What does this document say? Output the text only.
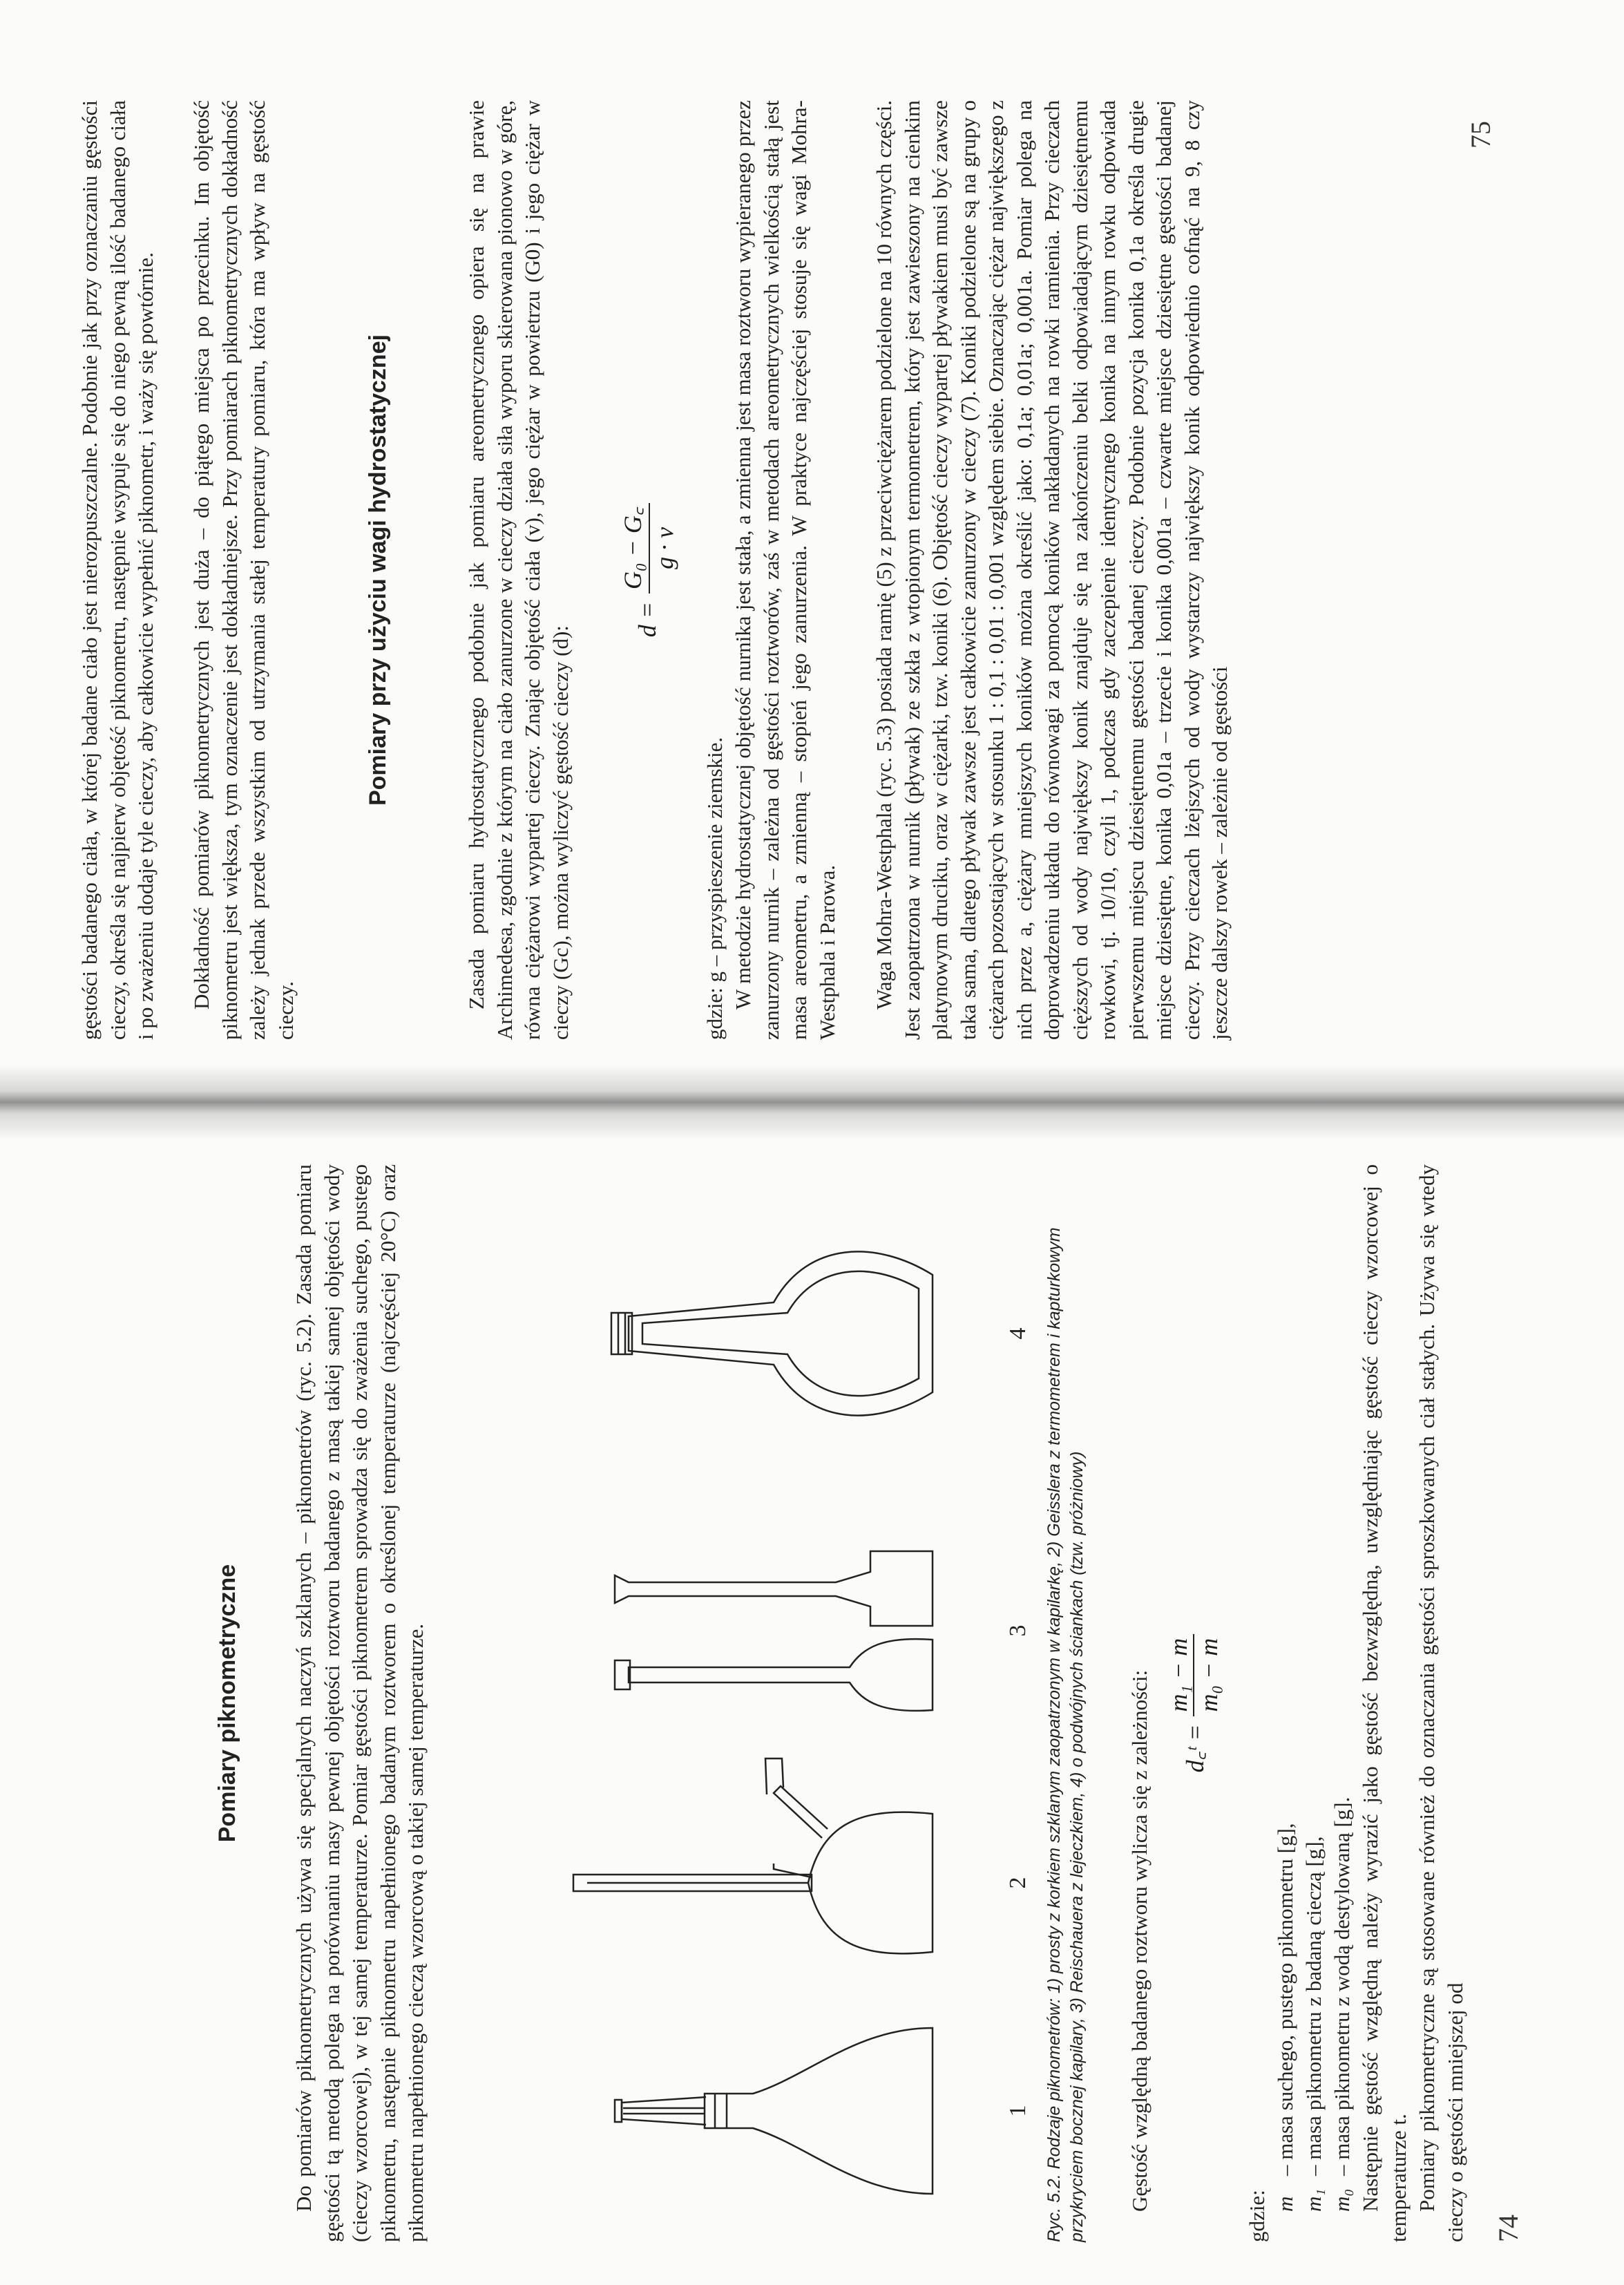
gęstości badanego ciała, w której badane ciało jest nierozpuszczalne. Podobnie jak przy oznaczaniu gęstości cieczy, określa się najpierw objętość piknometru, następnie wsypuje się do niego pewną ilość badanego ciała i po zważeniu dodaje tyle cieczy, aby całkowicie wypełnić piknometr, i waży się powtórnie. Dokładność pomiarów piknometrycznych jest duża – do piątego miejsca po przecinku. Im objętość piknometru jest większa, tym oznaczenie jest dokładniejsze. Przy pomiarach piknometrycznych dokładność zależy jednak przede wszystkim od utrzymania stałej temperatury pomiaru, która ma wpływ na gęstość cieczy.

Pomiary przy użyciu wagi hydrostatycznej	Zasada pomiaru hydrostatycznego podobnie jak pomiaru areometrycznego opiera się na prawie Archimedesa, zgodnie z którym na ciało zanurzone w cieczy działa siła wyporu skierowana pionowo w górę, równa ciężarowi wypartej cieczy. Znając objętość ciała (v), jego ciężar w powietrzu (G0) i jego ciężar w cieczy (Gc), można wyliczyć gęstość cieczy (d):

d =
G₀ − G꜀ g · v

gdzie: g – przyspieszenie ziemskie. W metodzie hydrostatycznej objętość nurnika jest stała, a zmienna jest masa roztworu wypieranego przez zanurzony nurnik – zależna od gęstości roztworów, zaś w metodach areometrycznych wielkością stałą jest masa areometru, a zmienną – stopień jego zanurzenia. W praktyce najczęściej stosuje się wagi Mohra-Westphala i Parowa. Waga Mohra-Westphala (ryc. 5.3) posiada ramię (5) z przeciwciężarem podzielone na 10 równych części. Jest zaopatrzona w nurnik (pływak) ze szkła z wtopionym termometrem, który jest zawieszony na cienkim platynowym druciku, oraz w ciężarki, tzw. koniki (6). Objętość cieczy wypartej pływakiem musi być zawsze taka sama, dlatego pływak zawsze jest całkowicie zanurzony w cieczy (7). Koniki podzielone są na grupy o ciężarach pozostających w stosunku 1 : 0,1 : 0,01 : 0,001 względem siebie. Oznaczając ciężar największego z nich przez a, ciężary mniejszych koników można określić jako: 0,1a; 0,01a; 0,001a. Pomiar polega na doprowadzeniu układu do równowagi za pomocą koników nakładanych na rowki ramienia. Przy cieczach cięższych od wody największy konik znajduje się na zakończeniu belki odpowiadającym dziesiętnemu rowkowi, tj. 10/10, czyli 1, podczas gdy zaczepienie identycznego konika na innym rowku odpowiada pierwszemu miejscu dziesiętnemu gęstości badanej cieczy. Podobnie pozycja konika 0,1a określa drugie miejsce dziesiętne, konika 0,01a – trzecie i konika 0,001a – czwarte miejsce dziesiętne gęstości badanej cieczy. Przy cieczach lżejszych od wody wystarczy największy konik odpowiednio cofnąć na 9, 8 czy jeszcze dalszy rowek – zależnie od gęstości

75
Pomiary piknometryczne Do pomiarów piknometrycznych używa się specjalnych naczyń szklanych – piknometrów (ryc. 5.2). Zasada pomiaru gęstości tą metodą polega na porównaniu masy pewnej objętości roztworu badanego z masą takiej samej objętości wody (cieczy wzorcowej), w tej samej temperaturze. Pomiar gęstości piknometrem sprowadza się do zważenia suchego, pustego piknometru, następnie piknometru napełnionego badanym roztworem o określonej temperaturze (najczęściej 20°C) oraz piknometru napełnionego cieczą wzorcową o takiej samej temperaturze.	1
2
3
4 Ryc. 5.2. Rodzaje piknometrów: 1) prosty z korkiem szklanym zaopatrzonym w kapilarkę, 2) Geisslera z termometrem i kapturkowym przykryciem bocznej kapilary, 3) Reischauera z lejeczkiem, 4) o podwójnych ściankach (tzw. próżniowy) Gęstość względną badanego roztworu wylicza się z zależności: d꜀ᵗ =
m₁ − m m₀ − m

gdzie: m– masa suchego, pustego piknometru [g],

m₁– masa piknometru z badaną cieczą [g],

m₀– masa piknometru z wodą destylowaną [g]. Następnie gęstość względną należy wyrazić jako gęstość bezwzględną, uwzględniając gęstość cieczy wzorcowej o temperaturze t. Pomiary piknometryczne są stosowane również do oznaczania gęstości sproszkowanych ciał stałych. Używa się wtedy cieczy o gęstości mniejszej od 74
